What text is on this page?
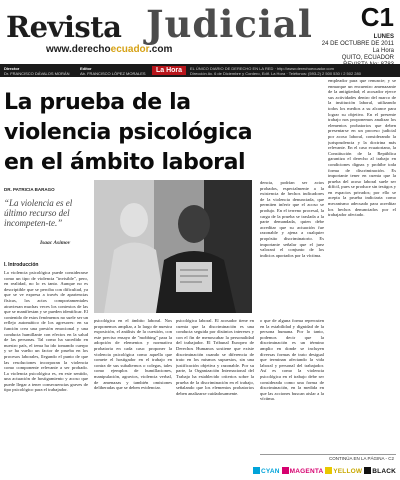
Revista Judicial
www.derechoecuador.com
C1
LUNES
24 DE OCTUBRE DE 2011
La Hora
QUITO, ECUADOR
Director
Dr. FRANCISCO DÁVALOS MORÁN
Editor
Ab. FRANCISCO LÓPEZ MORALES	La Hora	EL ÚNICO DIARIO DE DERECHO EN LA RED · http://www.derechoecuador.com
Dirección Av. 6 de Diciembre y Cordero, Edif. La Hora · Teléfonos: (593-2) 2 500 530 / 2 502 280
La prueba de la violencia psicológica en el ámbito laboral
DR. PATRICIA BARAGO
“La violencia es el último recurso del incompeten-te.”
Isaac Asimov
I. Introducción
La violencia psicológica puede considerarse como un tipo de violencia "invisible", pero, en realidad, no lo es tanto. Aunque no es descriptible que se perciba con dificultad, ya que se ve expresa a través de apariencias físicas, los actos comportamentales atraviesan muchas veces los contextos de las que se manifiestan y se pueden identificar. El contenido de estos fenómenos no suele ser un reflejo automático de los agresores: en su función crea una presión emocional y una conducta humillante con efectos en la salud de las personas. Tal como ha sucedido en nuestro país, el tema ha ido tomando cuerpo y se ha vuelto un factor de prueba en los procesos laborales, llegando el punto de que las resoluciones incorporan la violencia como componente relevante a ser probado. La violencia psicológica es, en este sentido, una actuación de hostigamiento y acoso que puede llegar a tener consecuencias graves de tipo psicológico para el trabajador.
psicológica en el ámbito laboral. Nos proponemos ampliar, a lo largo de nuestra exposición, el análisis de la cuestión, con este preciso ensayo de "mobbing" para la adopción de elementos y normativa probatoria en cada caso: proponer la violencia psicológica como aquella que comete el hostigador en el trabajo en contra de sus subalternos o colegas, tales como ejemplos de humillaciones, manipulación, agravios, violencia verbal, de amenazas y también omisiones deliberadas que se deben evidenciar.
psicológica laboral. El acosador tiene en cuenta que la discriminación es una conducta seguida por distintos intereses y con el fin de menoscabar la personalidad del trabajador. El Tribunal Europeo de Derechos Humanos sostiene que existe discriminación cuando se diferencia de trato en los mismos supuestos, sin una justificación objetiva y razonable. Por su parte, la Organización Internacional del Trabajo ha establecido criterios sobre la prueba de la discriminación en el trabajo, señalando que los elementos probatorios deben analizarse cuidadosamente.
o que de alguna forma repercuten en la estabilidad y dignidad de la persona humana. Por lo tanto, podemos decir que la discriminación es un término amplio en donde se incluyen diversas formas de trato desigual que terminan afectando la vida laboral y personal del trabajador. Así es como la violencia psicológica en el trabajo debe ser considerada como una forma de discriminación, en la medida en que las acciones buscan aislar a la víctima.
empleador para que renuncie; y se enmarque un encuentro amenazante de la antigüedad; el acosador ejerce sus actividades dentro del marco de la institución laboral, utilizando todos los medios a su alcance para lograr su objetivo. En el presente trabajo nos proponemos analizar los elementos probatorios que deben presentarse en un proceso judicial por acoso laboral, considerando la jurisprudencia y la doctrina más relevante. En el caso ecuatoriano, la Constitución de la República garantiza el derecho al trabajo en condiciones dignas y prohíbe toda forma de discriminación. Es importante tener en cuenta que la prueba del acoso laboral suele ser difícil, pues se produce sin testigos y en espacios privados; por ello se acepta la prueba indiciaria como mecanismo adecuado para acreditar los hechos denunciados por el trabajador afectado.
dencia, podrían ser actos probados, especialmente a la existencia de hechos indicadores de la violencia denunciada, que permiten inferir que el acoso se produjo. En el terreno procesal, la carga de la prueba se traslada a la parte demandada, quien debe acreditar que su actuación fue razonable y ajena a cualquier propósito discriminatorio. Es importante señalar que el juez valorará el conjunto de los indicios aportados por la víctima.
CONTINÚA EN LA PÁGINA - C2
CYAN MAGENTA YELLOW BLACK
